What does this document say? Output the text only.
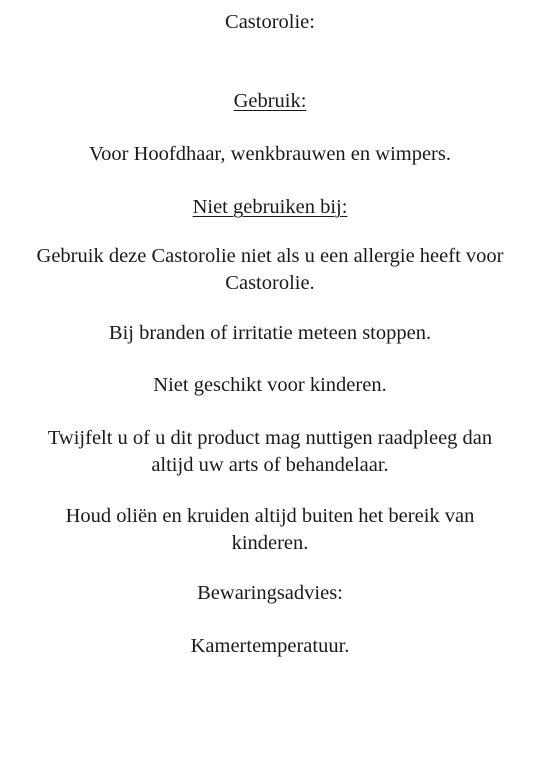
Castorolie:
Gebruik:
Voor Hoofdhaar, wenkbrauwen en wimpers.
Niet gebruiken bij:
Gebruik deze Castorolie niet als u een allergie heeft voor
Castorolie.
Bij branden of irritatie meteen stoppen.
Niet geschikt voor kinderen.
Twijfelt u of u dit product mag nuttigen raadpleeg dan
altijd uw arts of behandelaar.
Houd oliën en kruiden altijd buiten het bereik van
kinderen.
Bewaringsadvies:
Kamertemperatuur.
